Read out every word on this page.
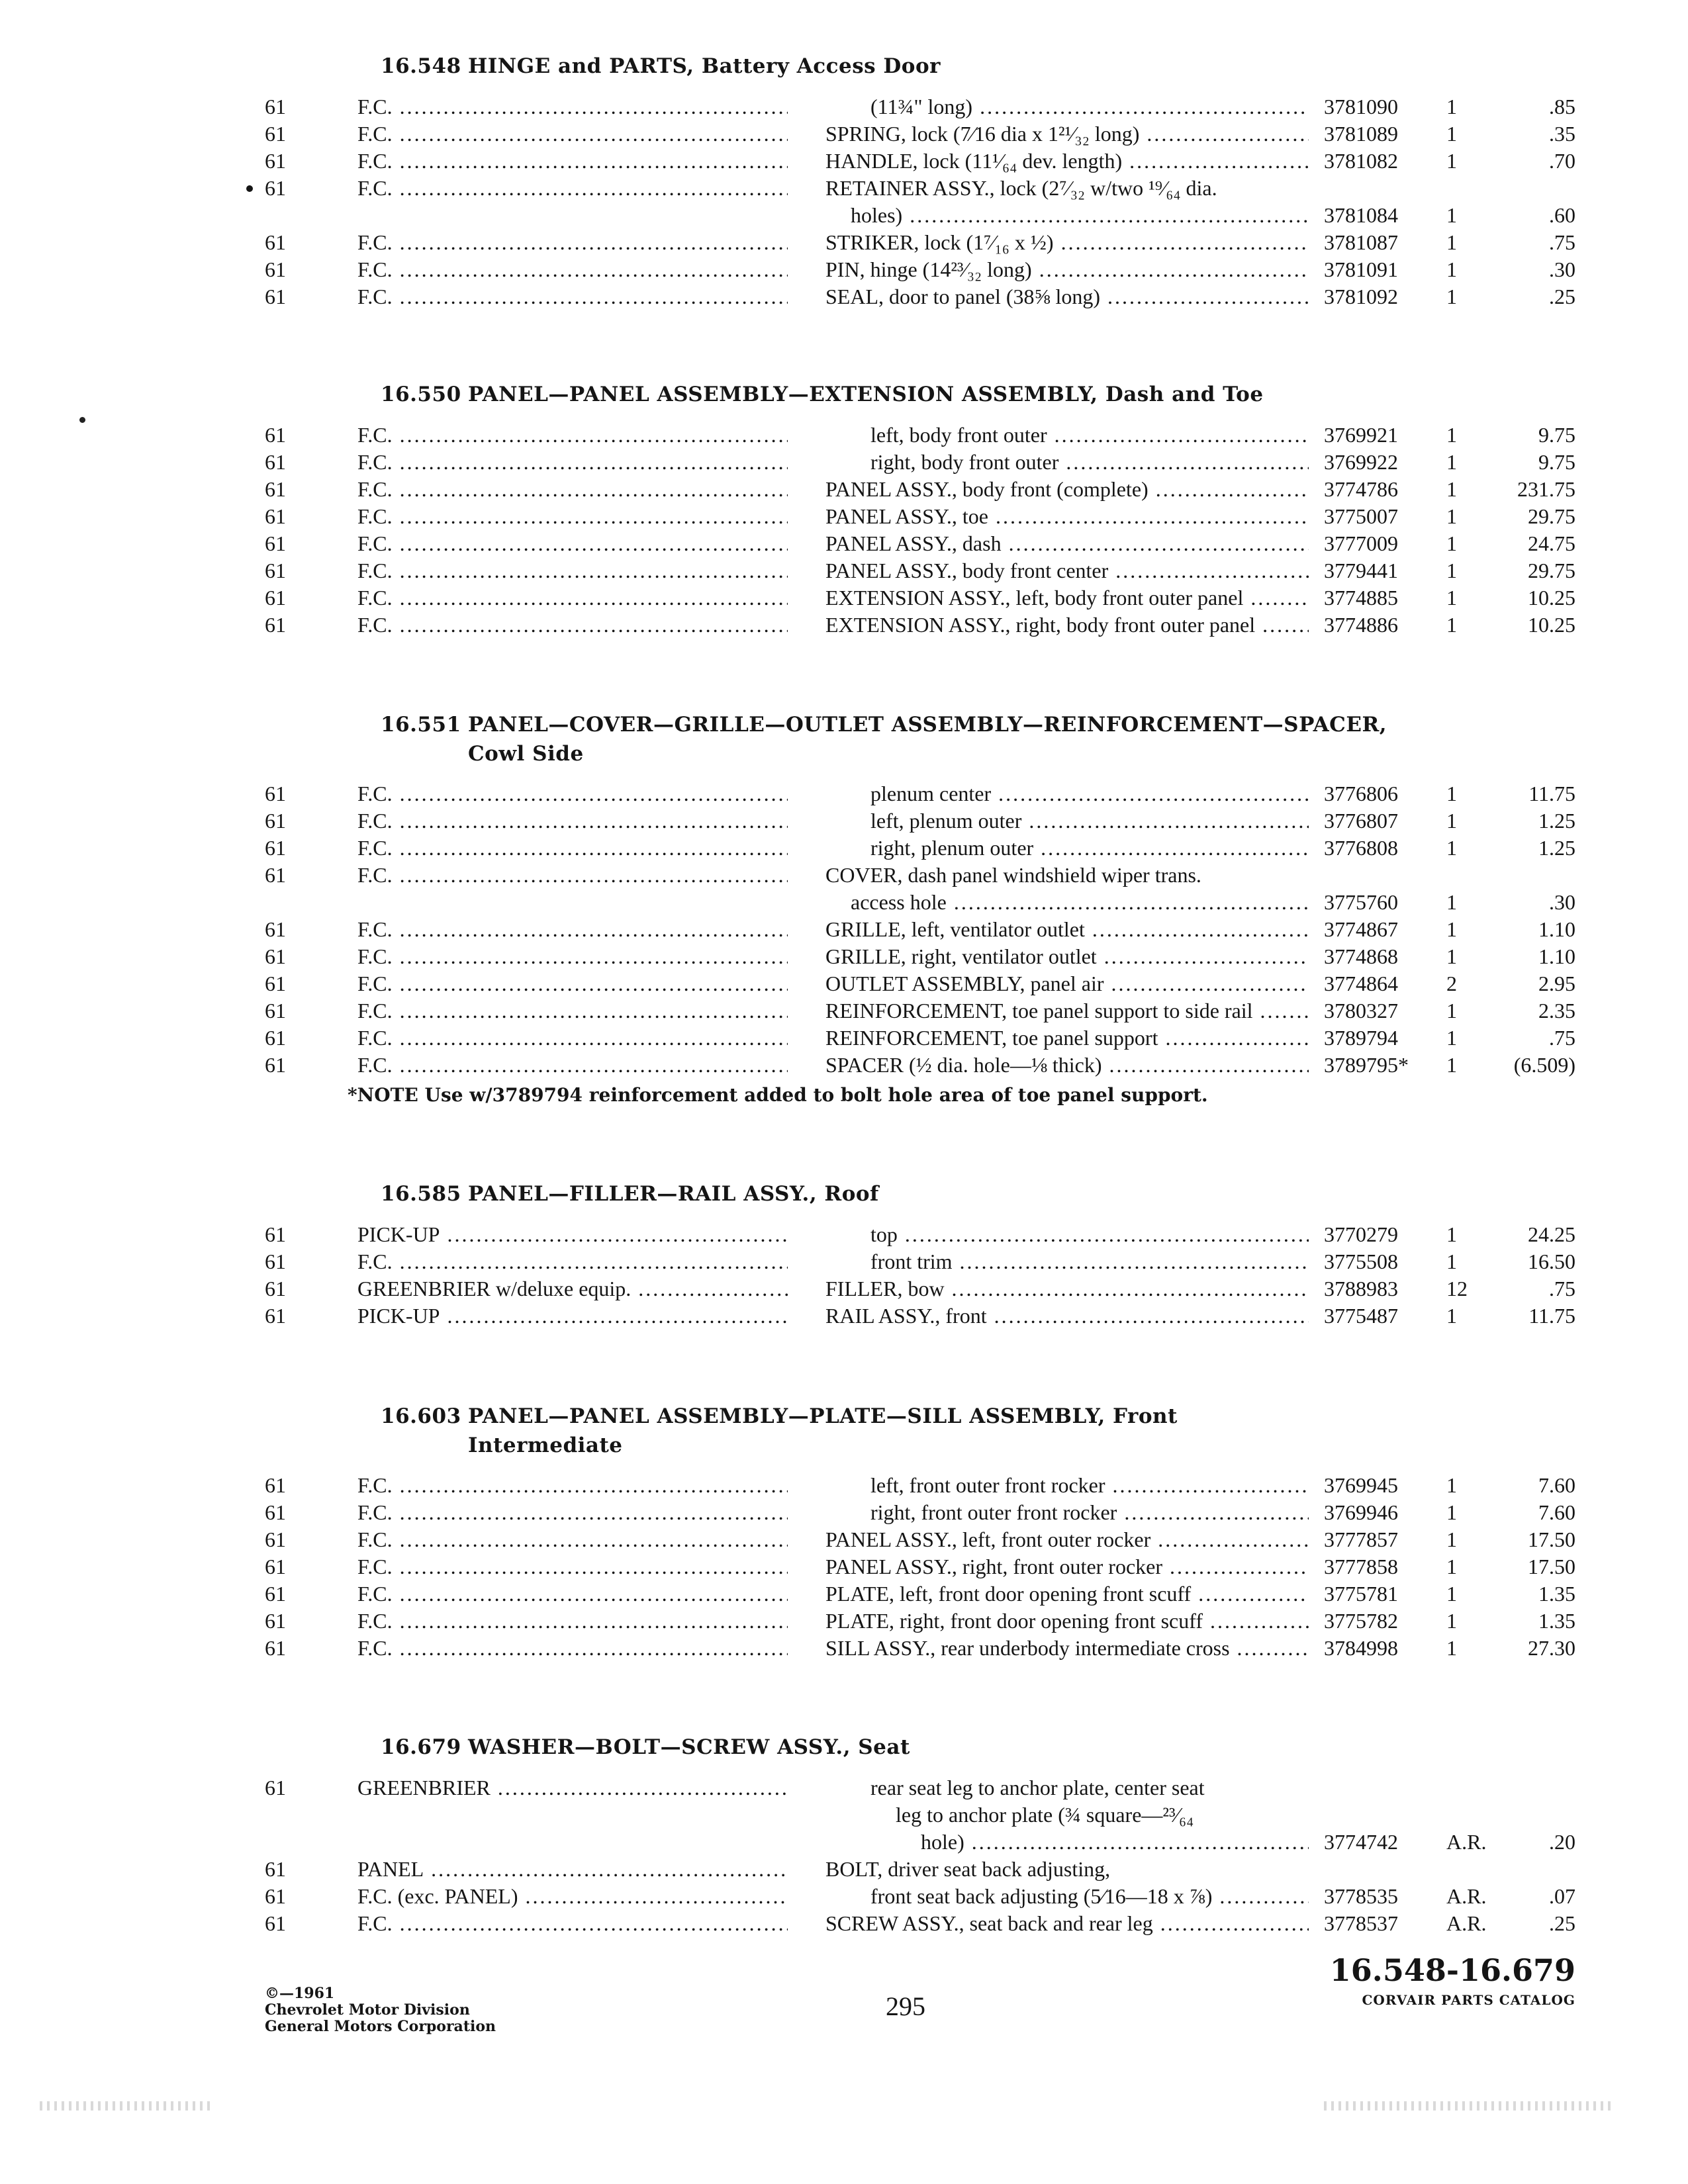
16.548 HINGE and PARTS, Battery Access Door
61	F.C. .....	(11¾" long) .....	3781090	1	.85
61	F.C. .....	SPRING, lock (7⁄16 dia x 1²¹⁄₃₂ long) .....	3781089	1	.35
61	F.C. .....	HANDLE, lock (11¹⁄₆₄ dev. length) .....	3781082	1	.70
61	F.C. .....	RETAINER ASSY., lock (2⁷⁄₃₂ w/two ¹⁹⁄₆₄ dia.
holes) .....	3781084	1	.60
61	F.C. .....	STRIKER, lock (1⁷⁄₁₆ x ½) .....	3781087	1	.75
61	F.C. .....	PIN, hinge (14²³⁄₃₂ long) .....	3781091	1	.30
61	F.C. .....	SEAL, door to panel (38⅝ long) .....	3781092	1	.25
16.550 PANEL—PANEL ASSEMBLY—EXTENSION ASSEMBLY, Dash and Toe
61	F.C. .....	left, body front outer .....	3769921	1	9.75
61	F.C. .....	right, body front outer .....	3769922	1	9.75
61	F.C. .....	PANEL ASSY., body front (complete) .....	3774786	1	231.75
61	F.C. .....	PANEL ASSY., toe .....	3775007	1	29.75
61	F.C. .....	PANEL ASSY., dash .....	3777009	1	24.75
61	F.C. .....	PANEL ASSY., body front center .....	3779441	1	29.75
61	F.C. .....	EXTENSION ASSY., left, body front outer panel .....	3774885	1	10.25
61	F.C. .....	EXTENSION ASSY., right, body front outer panel .....	3774886	1	10.25
16.551 PANEL—COVER—GRILLE—OUTLET ASSEMBLY—REINFORCEMENT—SPACER,
Cowl Side
61	F.C. .....	plenum center .....	3776806	1	11.75
61	F.C. .....	left, plenum outer .....	3776807	1	1.25
61	F.C. .....	right, plenum outer .....	3776808	1	1.25
61	F.C. .....	COVER, dash panel windshield wiper trans.
access hole .....	3775760	1	.30
61	F.C. .....	GRILLE, left, ventilator outlet .....	3774867	1	1.10
61	F.C. .....	GRILLE, right, ventilator outlet .....	3774868	1	1.10
61	F.C. .....	OUTLET ASSEMBLY, panel air .....	3774864	2	2.95
61	F.C. .....	REINFORCEMENT, toe panel support to side rail .....	3780327	1	2.35
61	F.C. .....	REINFORCEMENT, toe panel support .....	3789794	1	.75
61	F.C. .....	SPACER (½ dia. hole—⅛ thick) .....	3789795*	1	(6.509)
*NOTE Use w/3789794 reinforcement added to bolt hole area of toe panel support.
16.585 PANEL—FILLER—RAIL ASSY., Roof
61	PICK-UP .....	top .....	3770279	1	24.25
61	F.C. .....	front trim .....	3775508	1	16.50
61	GREENBRIER w/deluxe equip. .....	FILLER, bow .....	3788983	12	.75
61	PICK-UP .....	RAIL ASSY., front .....	3775487	1	11.75
16.603 PANEL—PANEL ASSEMBLY—PLATE—SILL ASSEMBLY, Front
Intermediate
61	F.C. .....	left, front outer front rocker .....	3769945	1	7.60
61	F.C. .....	right, front outer front rocker .....	3769946	1	7.60
61	F.C. .....	PANEL ASSY., left, front outer rocker .....	3777857	1	17.50
61	F.C. .....	PANEL ASSY., right, front outer rocker .....	3777858	1	17.50
61	F.C. .....	PLATE, left, front door opening front scuff .....	3775781	1	1.35
61	F.C. .....	PLATE, right, front door opening front scuff .....	3775782	1	1.35
61	F.C. .....	SILL ASSY., rear underbody intermediate cross .....	3784998	1	27.30
16.679 WASHER—BOLT—SCREW ASSY., Seat
61	GREENBRIER .....	rear seat leg to anchor plate, center seat
leg to anchor plate (¾ square—²³⁄₆₄
hole) .....	3774742	A.R.	.20
61	PANEL .....	BOLT, driver seat back adjusting,
61	F.C. (exc. PANEL) .....	front seat back adjusting (5⁄16—18 x ⅞) .....	3778535	A.R.	.07
61	F.C. .....	SCREW ASSY., seat back and rear leg .....	3778537	A.R.	.25
©—1961
Chevrolet Motor Division
General Motors Corporation
295
16.548-16.679
CORVAIR PARTS CATALOG
